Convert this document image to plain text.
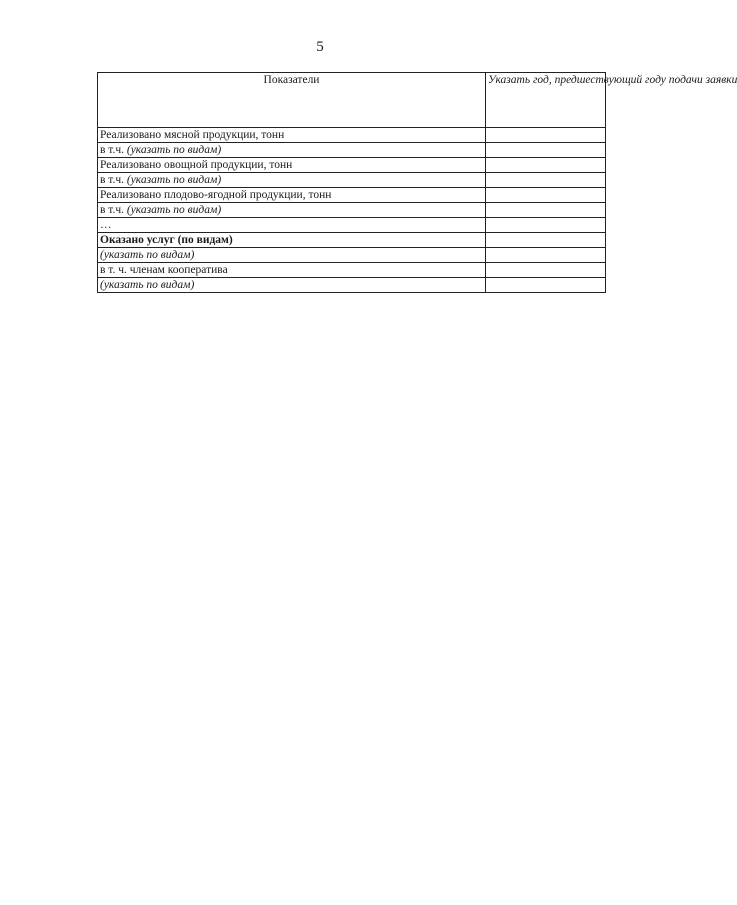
5
Показатели	Указать год, предшествующий году подачи заявки
Реализовано мясной продукции, тонн	
в т.ч. (указать по видам)	
Реализовано овощной продукции, тонн	
в т.ч. (указать по видам)	
Реализовано плодово-ягодной продукции, тонн	
в т.ч. (указать по видам)	
…	
Оказано услуг (по видам)	
(указать по видам)	
в т. ч. членам кооператива	
(указать по видам)	
